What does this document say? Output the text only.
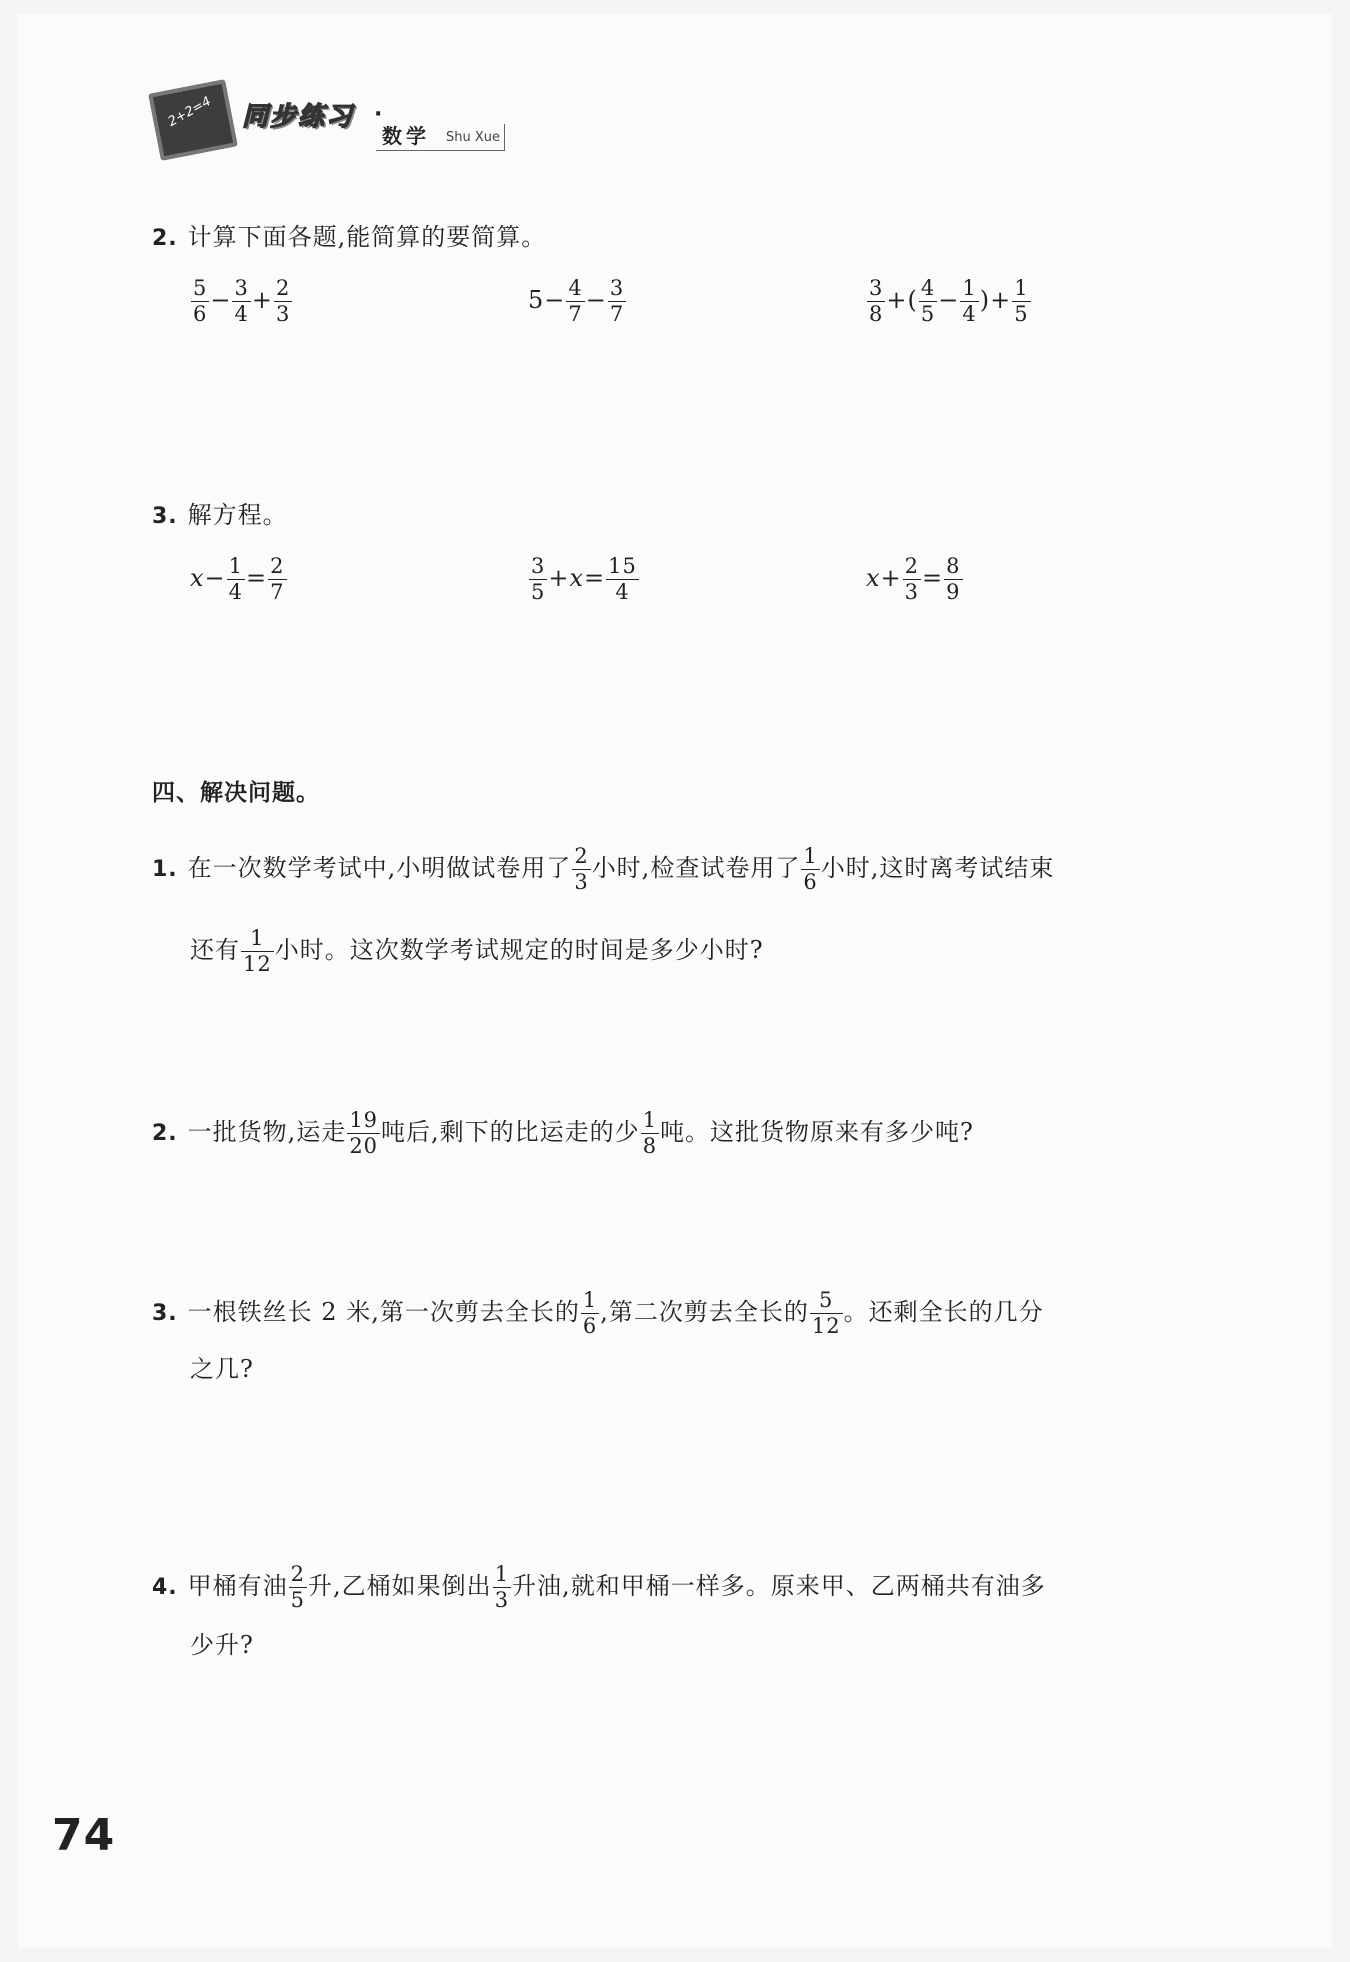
2+2=4 同步练习 ·
数学 Shu Xue
2. 计算下面各题,能简算的要简算。
$\frac{5}{6} - \frac{3}{4} + \frac{2}{3}$	$5- \frac{4}{7} - \frac{3}{7}$	$\frac{3}{8}$ +( $\frac{4}{5} - \frac{1}{4}$ )+ $\frac{1}{5}$
3. 解方程。
$x- \frac{1}{4} = \frac{2}{7}$	$\frac{3}{5} +x= \frac{15}{4}$	$x+ \frac{2}{3} = \frac{8}{9}$
四、解决问题。
1. 在一次数学考试中,小明做试卷用了 $\frac{2}{3}$ 小时,检查试卷用了 $\frac{1}{6}$ 小时,这时离考试结束
还有 $\frac{1}{12}$ 小时。这次数学考试规定的时间是多少小时?
2. 一批货物,运走 $\frac{19}{20}$ 吨后,剩下的比运走的少 $\frac{1}{8}$ 吨。这批货物原来有多少吨?
3. 一根铁丝长 2 米,第一次剪去全长的 $\frac{1}{6}$ ,第二次剪去全长的 $\frac{5}{12}$ 。还剩全长的几分
之几?
4. 甲桶有油 $\frac{2}{5}$ 升,乙桶如果倒出 $\frac{1}{3}$ 升油,就和甲桶一样多。原来甲、乙两桶共有油多
少升?
74
